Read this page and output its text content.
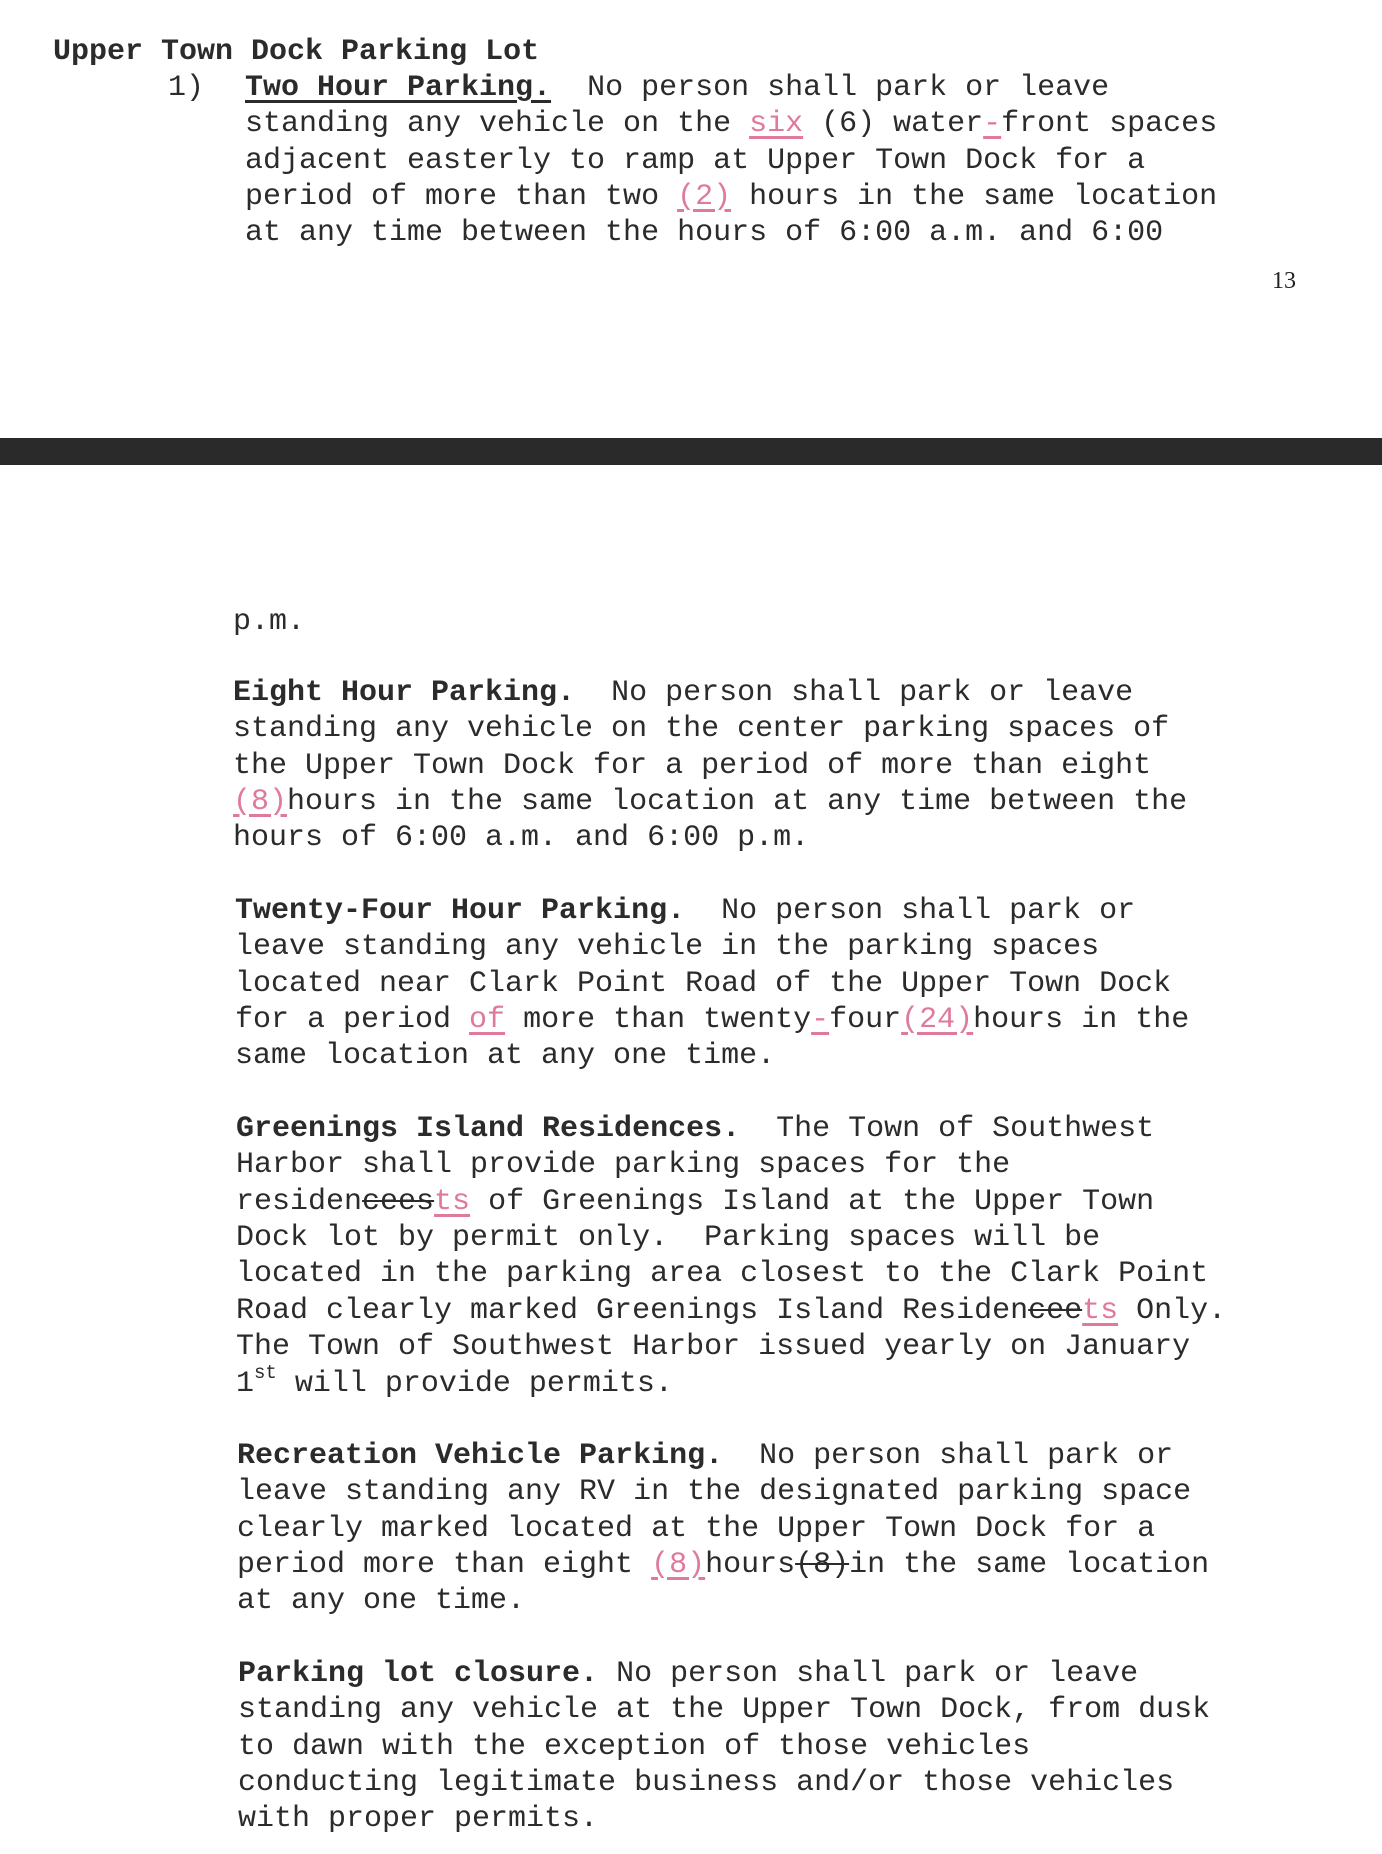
Upper Town Dock Parking Lot
1) Two Hour Parking.  No person shall park or leave
standing any vehicle on the six (6) water-front spaces
adjacent easterly to ramp at Upper Town Dock for a
period of more than two (2) hours in the same location
at any time between the hours of 6:00 a.m. and 6:00
13
p.m.
Eight Hour Parking.  No person shall park or leave
standing any vehicle on the center parking spaces of
the Upper Town Dock for a period of more than eight
(8)hours in the same location at any time between the
hours of 6:00 a.m. and 6:00 p.m.
Twenty-Four Hour Parking.  No person shall park or
leave standing any vehicle in the parking spaces
located near Clark Point Road of the Upper Town Dock
for a period of more than twenty-four(24)hours in the
same location at any one time.
Greenings Island Residences.  The Town of Southwest
Harbor shall provide parking spaces for the
residenceests of Greenings Island at the Upper Town
Dock lot by permit only.  Parking spaces will be
located in the parking area closest to the Clark Point
Road clearly marked Greenings Island Residenceets Only.
The Town of Southwest Harbor issued yearly on January
1st will provide permits.
Recreation Vehicle Parking.  No person shall park or
leave standing any RV in the designated parking space
clearly marked located at the Upper Town Dock for a
period more than eight (8)hours(8)in the same location
at any one time.
Parking lot closure. No person shall park or leave
standing any vehicle at the Upper Town Dock, from dusk
to dawn with the exception of those vehicles
conducting legitimate business and/or those vehicles
with proper permits.
